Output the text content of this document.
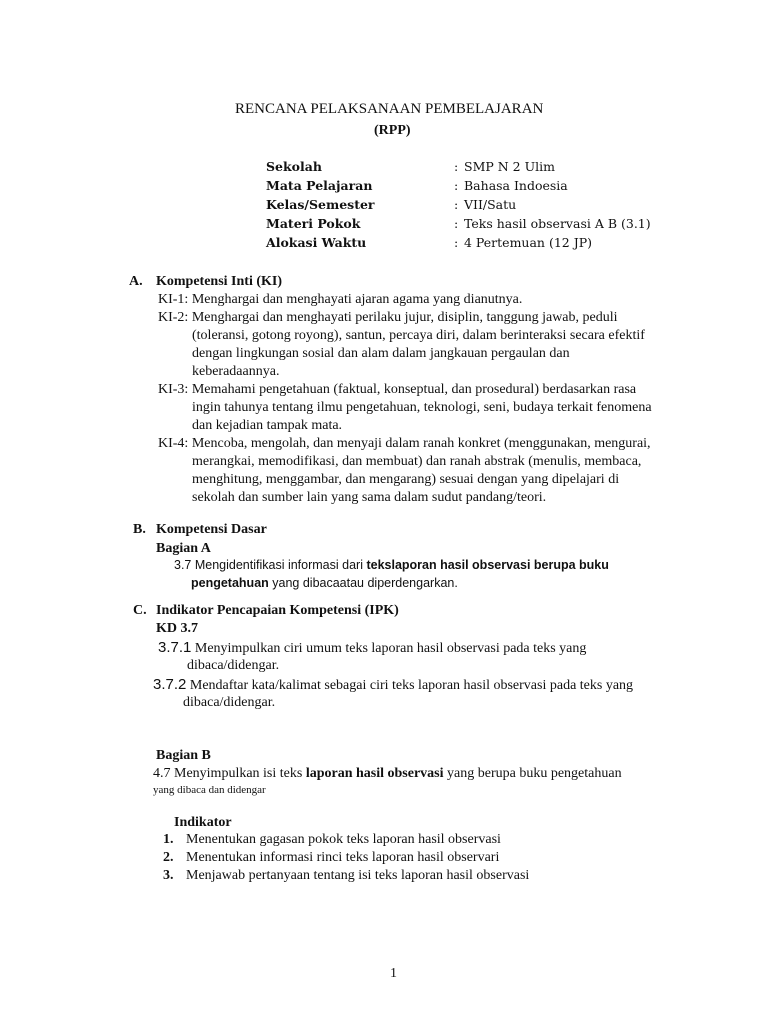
RENCANA PELAKSANAAN PEMBELAJARAN
(RPP)
Sekolah	: SMP N 2 Ulim
Mata Pelajaran	: Bahasa Indoesia
Kelas/Semester	: VII/Satu
Materi Pokok	: Teks hasil observasi A B (3.1)
Alokasi Waktu	: 4 Pertemuan (12 JP)
A. Kompetensi Inti (KI)
KI-1: Menghargai dan menghayati ajaran agama yang dianutnya.
KI-2: Menghargai dan menghayati perilaku jujur, disiplin, tanggung jawab, peduli
(toleransi, gotong royong), santun, percaya diri, dalam berinteraksi secara efektif
dengan lingkungan sosial dan alam dalam jangkauan pergaulan dan
keberadaannya.
KI-3: Memahami pengetahuan (faktual, konseptual, dan prosedural) berdasarkan rasa
ingin tahunya tentang ilmu pengetahuan, teknologi, seni, budaya terkait fenomena
dan kejadian tampak mata.
KI-4: Mencoba, mengolah, dan menyaji dalam ranah konkret (menggunakan, mengurai,
merangkai, memodifikasi, dan membuat) dan ranah abstrak (menulis, membaca,
menghitung, menggambar, dan mengarang) sesuai dengan yang dipelajari di
sekolah dan sumber lain yang sama dalam sudut pandang/teori.
B. Kompetensi Dasar
Bagian A
3.7 Mengidentifikasi informasi dari tekslaporan hasil observasi berupa buku
pengetahuan yang dibacaatau diperdengarkan.
C. Indikator Pencapaian Kompetensi (IPK)
KD 3.7
3.7.1 Menyimpulkan ciri umum teks laporan hasil observasi pada teks yang
dibaca/didengar.
3.7.2 Mendaftar kata/kalimat sebagai ciri teks laporan hasil observasi pada teks yang
dibaca/didengar.
Bagian B
4.7 Menyimpulkan isi teks laporan hasil observasi yang berupa buku pengetahuan
yang dibaca dan didengar
Indikator
1. Menentukan gagasan pokok teks laporan hasil observasi
2. Menentukan informasi rinci teks laporan hasil observari
3. Menjawab pertanyaan tentang isi teks laporan hasil observasi
1
